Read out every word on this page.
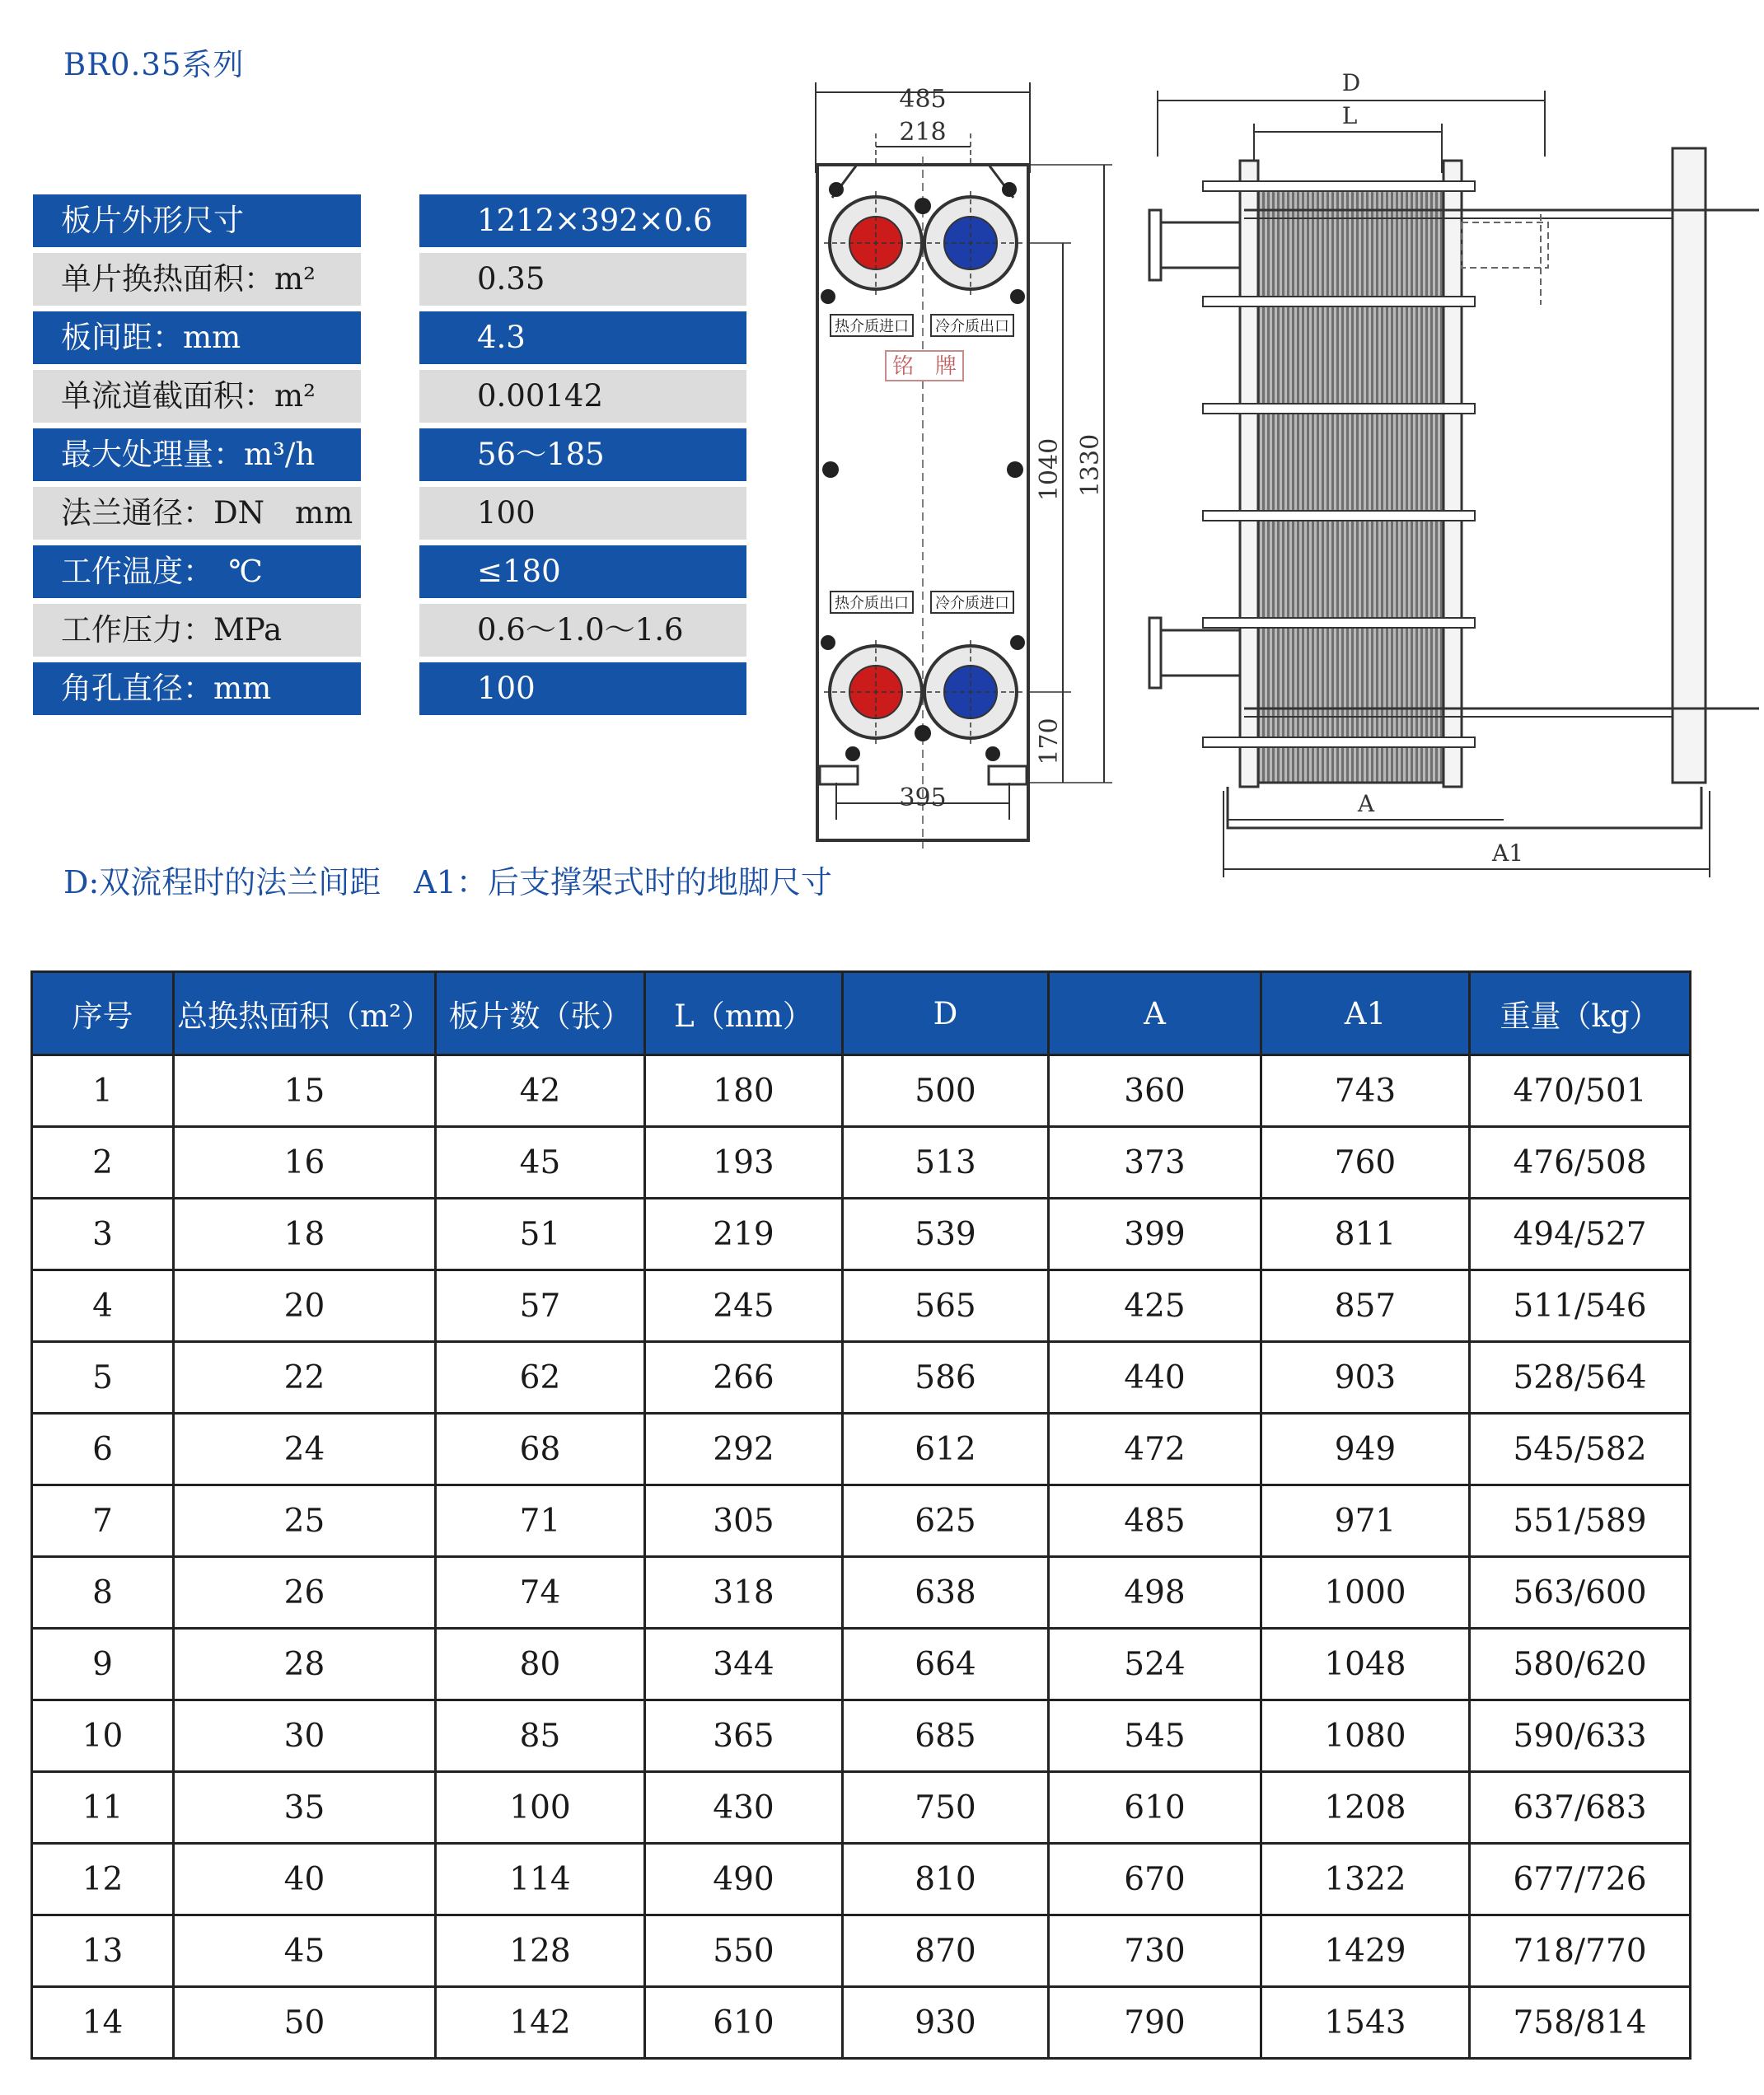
BR0.35系列
板片外形尺寸	1212×392×0.6
单片换热面积：m²	0.35
板间距：mm	4.3
单流道截面积：m²	0.00142
最大处理量：m³/h	56～185
法兰通径：DN　mm	100
工作温度：　℃	≤180
工作压力：MPa	0.6～1.0～1.6
角孔直径：mm	100
485
218
热介质进口 冷介质出口
铭　牌
热介质出口 冷介质进口
395
1040
170
1330
D
L
A
A1
D:双流程时的法兰间距 A1：后支撑架式时的地脚尺寸
序号	总换热面积（m²）	板片数（张）	L（mm）	D	A	A1	重量（kg）
1	15	42	180	500	360	743	470/501
2	16	45	193	513	373	760	476/508
3	18	51	219	539	399	811	494/527
4	20	57	245	565	425	857	511/546
5	22	62	266	586	440	903	528/564
6	24	68	292	612	472	949	545/582
7	25	71	305	625	485	971	551/589
8	26	74	318	638	498	1000	563/600
9	28	80	344	664	524	1048	580/620
10	30	85	365	685	545	1080	590/633
11	35	100	430	750	610	1208	637/683
12	40	114	490	810	670	1322	677/726
13	45	128	550	870	730	1429	718/770
14	50	142	610	930	790	1543	758/814
